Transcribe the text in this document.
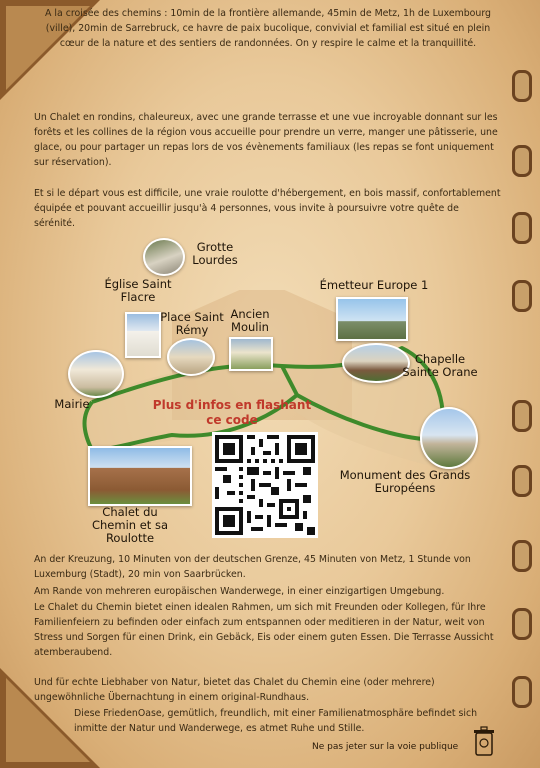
A la croisée des chemins : 10min de la frontière allemande, 45min de Metz, 1h de Luxembourg (ville), 20min de Sarrebruck, ce havre de paix bucolique, convivial et familial est situé en plein cœur de la nature et des sentiers de randonnées. On y respire le calme et la tranquillité.

Un Chalet en rondins, chaleureux, avec une grande terrasse et une vue incroyable donnant sur les forêts et les collines de la région vous accueille pour prendre un verre, manger une pâtisserie, une glace, ou pour partager un repas lors de vos évènements familiaux (les repas se font uniquement sur réservation).

Et si le départ vous est difficile, une vraie roulotte d'hébergement, en bois massif, confortablement équipée et pouvant accueillir jusqu'à 4 personnes, vous invite à poursuivre votre quête de sérénité.

Grotte Lourdes
Église Saint Flacre
Place Saint Rémy
Ancien Moulin
Émetteur Europe 1
Chapelle Sainte Orane
Mairie
Monument des Grands Européens
Chalet du Chemin et sa Roulotte
Plus d'infos en flashant ce code

An der Kreuzung, 10 Minuten von der deutschen Grenze, 45 Minuten von Metz, 1 Stunde von Luxemburg (Stadt), 20 min von Saarbrücken.

Am Rande von mehreren europäischen Wanderwege, in einer einzigartigen Umgebung.

Le Chalet du Chemin bietet einen idealen Rahmen, um sich mit Freunden oder Kollegen, für Ihre Familienfeiern zu befinden oder einfach zum entspannen oder meditieren in der Natur, weit von Stress und Sorgen für einen Drink, ein Gebäck, Eis oder einem guten Essen. Die Terrasse Aussicht atemberaubend.

Und für echte Liebhaber von Natur, bietet das Chalet du Chemin eine (oder mehrere) ungewöhnliche Übernachtung in einem original-Rundhaus.

Diese FriedenOase, gemütlich, freundlich, mit einer Familienatmosphäre befindet sich inmitte der Natur und Wanderwege, es atmet Ruhe und Stille.

Ne pas jeter sur la voie publique
